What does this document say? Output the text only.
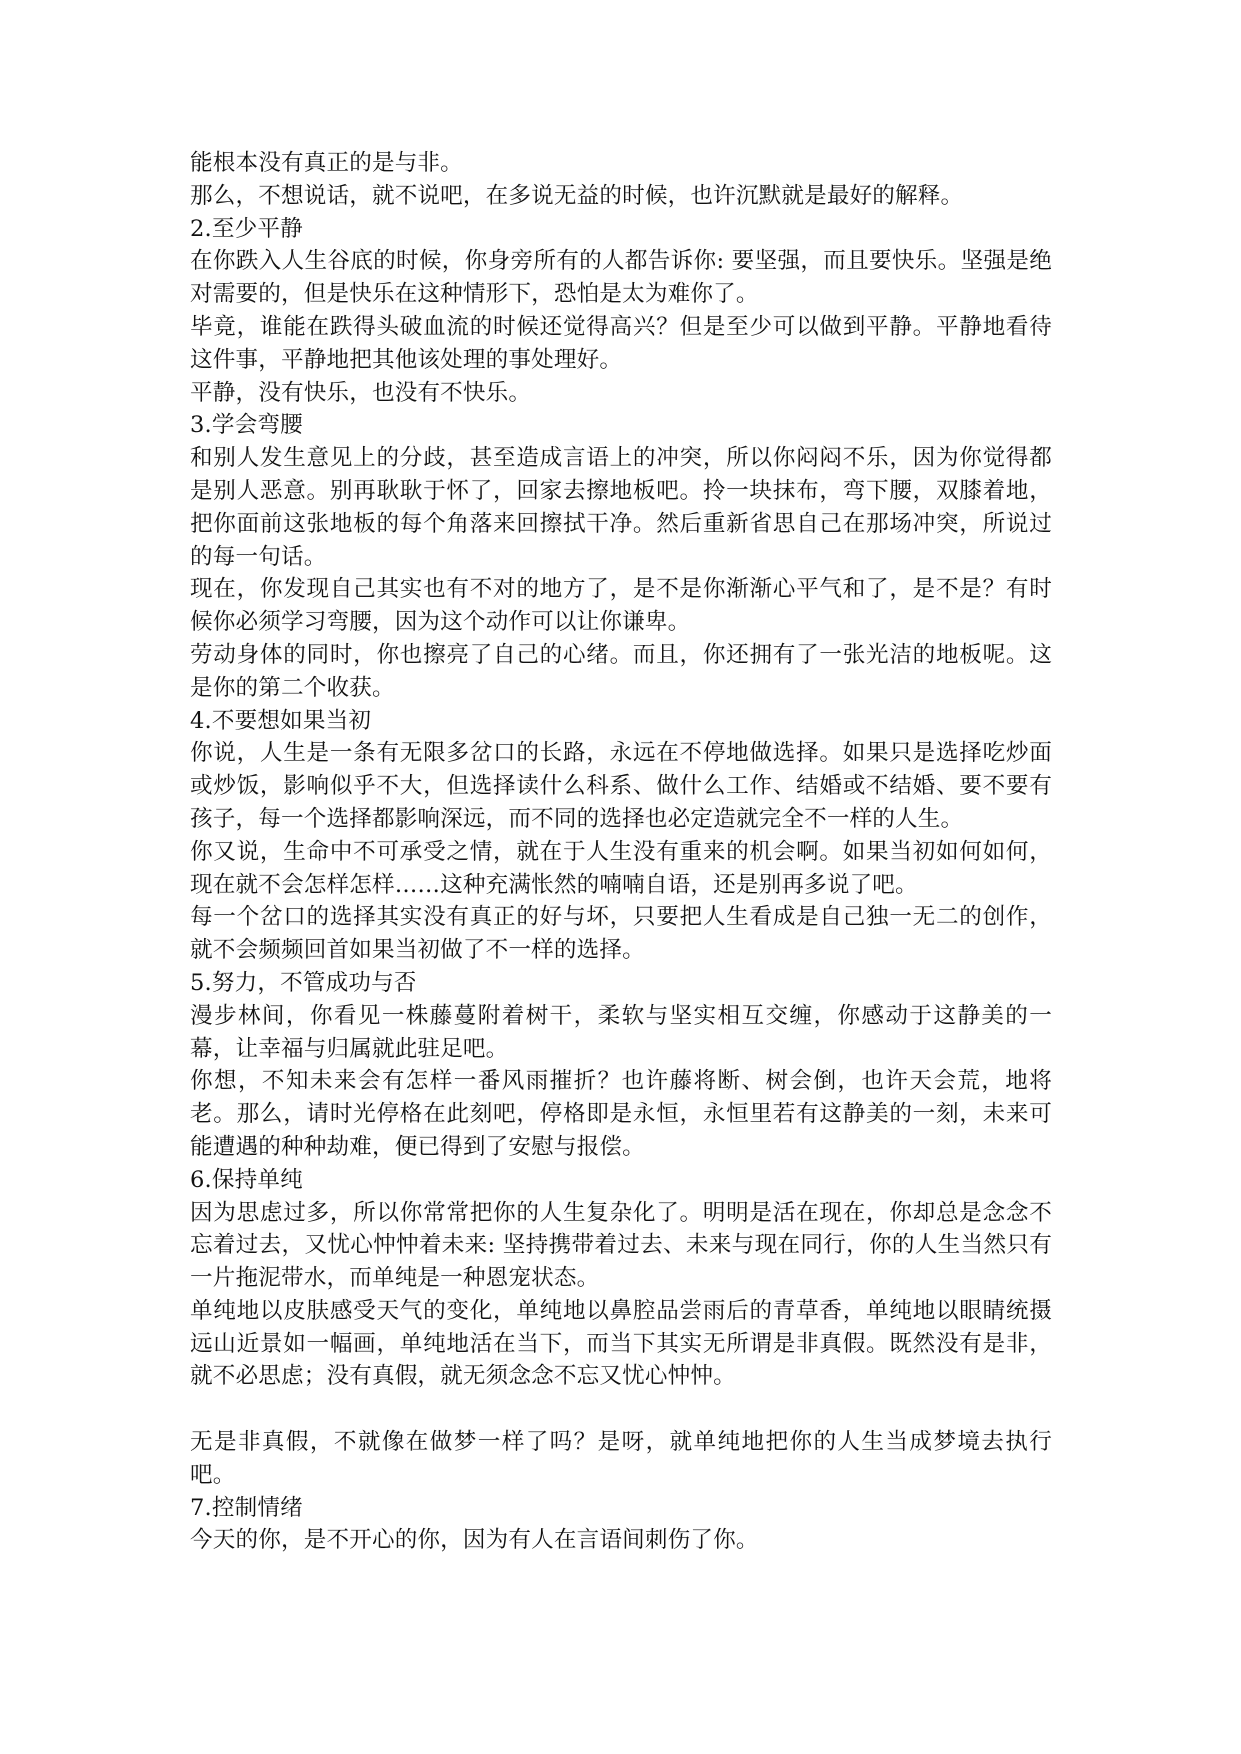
能根本没有真正的是与非。

那么，不想说话，就不说吧，在多说无益的时候，也许沉默就是最好的解释。

2.至少平静

在你跌入人生谷底的时候，你身旁所有的人都告诉你: 要坚强，而且要快乐。坚强是绝对需要的，但是快乐在这种情形下，恐怕是太为难你了。

毕竟，谁能在跌得头破血流的时候还觉得高兴？但是至少可以做到平静。平静地看待这件事，平静地把其他该处理的事处理好。

平静，没有快乐，也没有不快乐。

3.学会弯腰

和别人发生意见上的分歧，甚至造成言语上的冲突，所以你闷闷不乐，因为你觉得都是别人恶意。别再耿耿于怀了，回家去擦地板吧。拎一块抹布，弯下腰，双膝着地，把你面前这张地板的每个角落来回擦拭干净。然后重新省思自己在那场冲突，所说过的每一句话。

现在，你发现自己其实也有不对的地方了，是不是你渐渐心平气和了，是不是？有时候你必须学习弯腰，因为这个动作可以让你谦卑。

劳动身体的同时，你也擦亮了自己的心绪。而且，你还拥有了一张光洁的地板呢。这是你的第二个收获。

4.不要想如果当初

你说，人生是一条有无限多岔口的长路，永远在不停地做选择。如果只是选择吃炒面或炒饭，影响似乎不大，但选择读什么科系、做什么工作、结婚或不结婚、要不要有孩子，每一个选择都影响深远，而不同的选择也必定造就完全不一样的人生。

你又说，生命中不可承受之情，就在于人生没有重来的机会啊。如果当初如何如何，现在就不会怎样怎样……这种充满怅然的喃喃自语，还是别再多说了吧。

每一个岔口的选择其实没有真正的好与坏，只要把人生看成是自己独一无二的创作，就不会频频回首如果当初做了不一样的选择。

5.努力，不管成功与否

漫步林间，你看见一株藤蔓附着树干，柔软与坚实相互交缠，你感动于这静美的一幕，让幸福与归属就此驻足吧。

你想，不知未来会有怎样一番风雨摧折？也许藤将断、树会倒，也许天会荒，地将老。那么，请时光停格在此刻吧，停格即是永恒，永恒里若有这静美的一刻，未来可能遭遇的种种劫难，便已得到了安慰与报偿。

6.保持单纯

因为思虑过多，所以你常常把你的人生复杂化了。明明是活在现在，你却总是念念不忘着过去，又忧心忡忡着未来: 坚持携带着过去、未来与现在同行，你的人生当然只有一片拖泥带水，而单纯是一种恩宠状态。

单纯地以皮肤感受天气的变化，单纯地以鼻腔品尝雨后的青草香，单纯地以眼睛统摄远山近景如一幅画，单纯地活在当下，而当下其实无所谓是非真假。既然没有是非，就不必思虑；没有真假，就无须念念不忘又忧心忡忡。

无是非真假，不就像在做梦一样了吗？是呀，就单纯地把你的人生当成梦境去执行吧。

7.控制情绪

今天的你，是不开心的你，因为有人在言语间刺伤了你。
